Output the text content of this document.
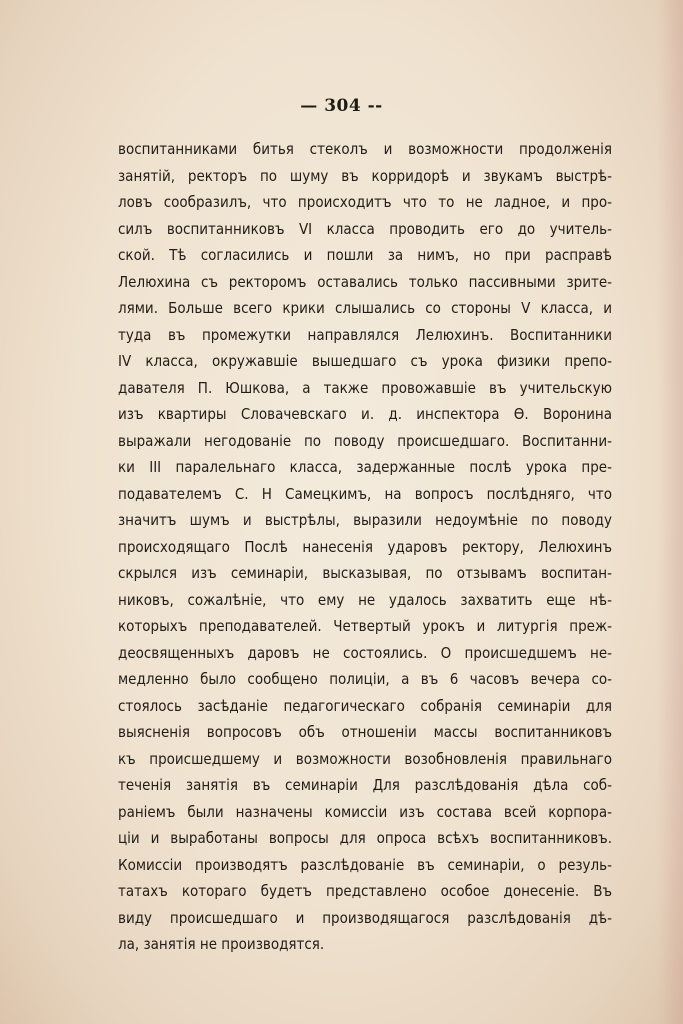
— 304 --
воспитанниками битья стеколъ и возможности продолженія
занятій, ректоръ по шуму въ корридорѣ и звукамъ выстрѣ-
ловъ сообразилъ, что происходитъ что то не ладное, и про-
силъ воспитанниковъ VI класса проводить его до учитель-
ской. Тѣ согласились и пошли за нимъ, но при расправѣ
Лелюхина съ ректоромъ оставались только пассивными зрите-
лями. Больше всего крики слышались со стороны V класса, и
туда въ промежутки направлялся Лелюхинъ. Воспитанники
IV класса, окружавшіе вышедшаго съ урока физики препо-
давателя П. Юшкова, а также провожавшіе въ учительскую
изъ квартиры Словачевскаго и. д. инспектора Ѳ. Воронина
выражали негодованіе по поводу происшедшаго. Воспитанни-
ки III паралельнаго класса, задержанные послѣ урока пре-
подавателемъ С. Н Самецкимъ, на вопросъ послѣдняго, что
значитъ шумъ и выстрѣлы, выразили недоумѣніе по поводу
происходящаго Послѣ нанесенія ударовъ ректору, Лелюхинъ
скрылся изъ семинаріи, высказывая, по отзывамъ воспитан-
никовъ, сожалѣніе, что ему не удалось захватить еще нѣ-
которыхъ преподавателей. Четвертый урокъ и литургія преж-
деосвященныхъ даровъ не состоялись. О происшедшемъ не-
медленно было сообщено полиціи, а въ 6 часовъ вечера со-
стоялось засѣданіе педагогическаго собранія семинаріи для
выясненія вопросовъ объ отношеніи массы воспитанниковъ
къ происшедшему и возможности возобновленія правильнаго
теченія занятія въ семинаріи Для разслѣдованія дѣла соб-
раніемъ были назначены комиссіи изъ состава всей корпора-
ціи и выработаны вопросы для опроса всѣхъ воспитанниковъ.
Комиссіи производятъ разслѣдованіе въ семинаріи, о резуль-
татахъ котораго будетъ представлено особое донесеніе. Въ
виду происшедшаго и производящагося разслѣдованія дѣ-
ла, занятія не производятся.
